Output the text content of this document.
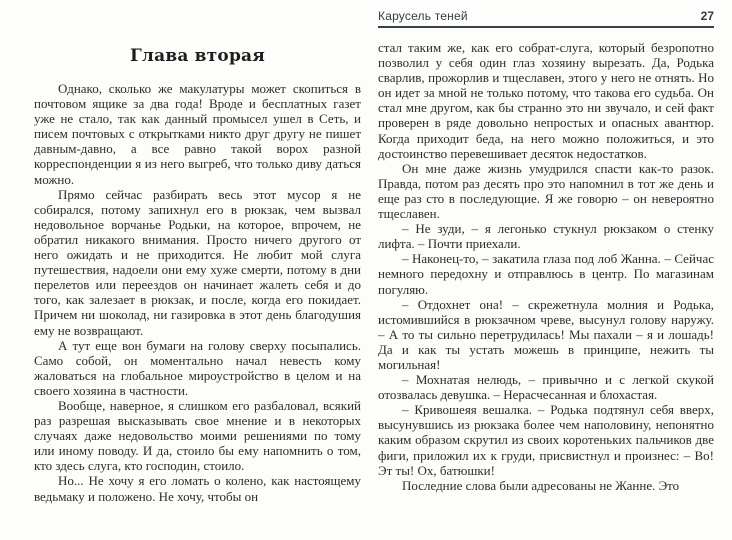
Глава вторая

Однако, сколько же макулатуры может скопиться в почтовом ящике за два года! Вроде и бесплатных газет уже не стало, так как данный промысел ушел в Сеть, и писем почтовых с открытками никто друг другу не пишет давным-давно, а все равно такой ворох разной корреспонденции я из него выгреб, что только диву даться можно.

Прямо сейчас разбирать весь этот мусор я не собирался, потому запихнул его в рюкзак, чем вызвал недовольное ворчанье Родьки, на которое, впрочем, не обратил никакого внимания. Просто ничего другого от него ожидать и не приходится. Не любит мой слуга путешествия, надоели они ему хуже смерти, потому в дни перелетов или переездов он начинает жалеть себя и до того, как залезает в рюкзак, и после, когда его покидает. Причем ни шоколад, ни газировка в этот день благодушия ему не возвращают.

А тут еще вон бумаги на голову сверху посыпались. Само собой, он моментально начал невесть кому жаловаться на глобальное мироустройство в целом и на своего хозяина в частности.

Вообще, наверное, я слишком его разбаловал, всякий раз разрешая высказывать свое мнение и в некоторых случаях даже недовольство моими решениями по тому или иному поводу. И да, стоило бы ему напомнить о том, кто здесь слуга, кто господин, стоило.

Но... Не хочу я его ломать о колено, как настоящему ведьмаку и положено. Не хочу, чтобы он

Карусель теней	27

стал таким же, как его собрат-слуга, который безропотно позволил у себя один глаз хозяину вырезать. Да, Родька сварлив, прожорлив и тщеславен, этого у него не отнять. Но он идет за мной не только потому, что такова его судьба. Он стал мне другом, как бы странно это ни звучало, и сей факт проверен в ряде довольно непростых и опасных авантюр. Когда приходит беда, на него можно положиться, и это достоинство перевешивает десяток недостатков.

Он мне даже жизнь умудрился спасти как-то разок. Правда, потом раз десять про это напомнил в тот же день и еще раз сто в последующие. Я же говорю – он невероятно тщеславен.

– Не зуди, – я легонько стукнул рюкзаком о стенку лифта. – Почти приехали.

– Наконец-то, – закатила глаза под лоб Жанна. – Сейчас немного передохну и отправлюсь в центр. По магазинам погуляю.

– Отдохнет она! – скрежетнула молния и Родька, истомившийся в рюкзачном чреве, высунул голову наружу. – А то ты сильно перетрудилась! Мы пахали – я и лошадь! Да и как ты устать можешь в принципе, нежить ты могильная!

– Мохнатая нелюдь, – привычно и с легкой скукой отозвалась девушка. – Нерасчесанная и блохастая.

– Кривошеяя вешалка. – Родька подтянул себя вверх, высунувшись из рюкзака более чем наполовину, непонятно каким образом скрутил из своих коротеньких пальчиков две фиги, приложил их к груди, присвистнул и произнес: – Во! Эт ты! Ох, батюшки!

Последние слова были адресованы не Жанне. Это
